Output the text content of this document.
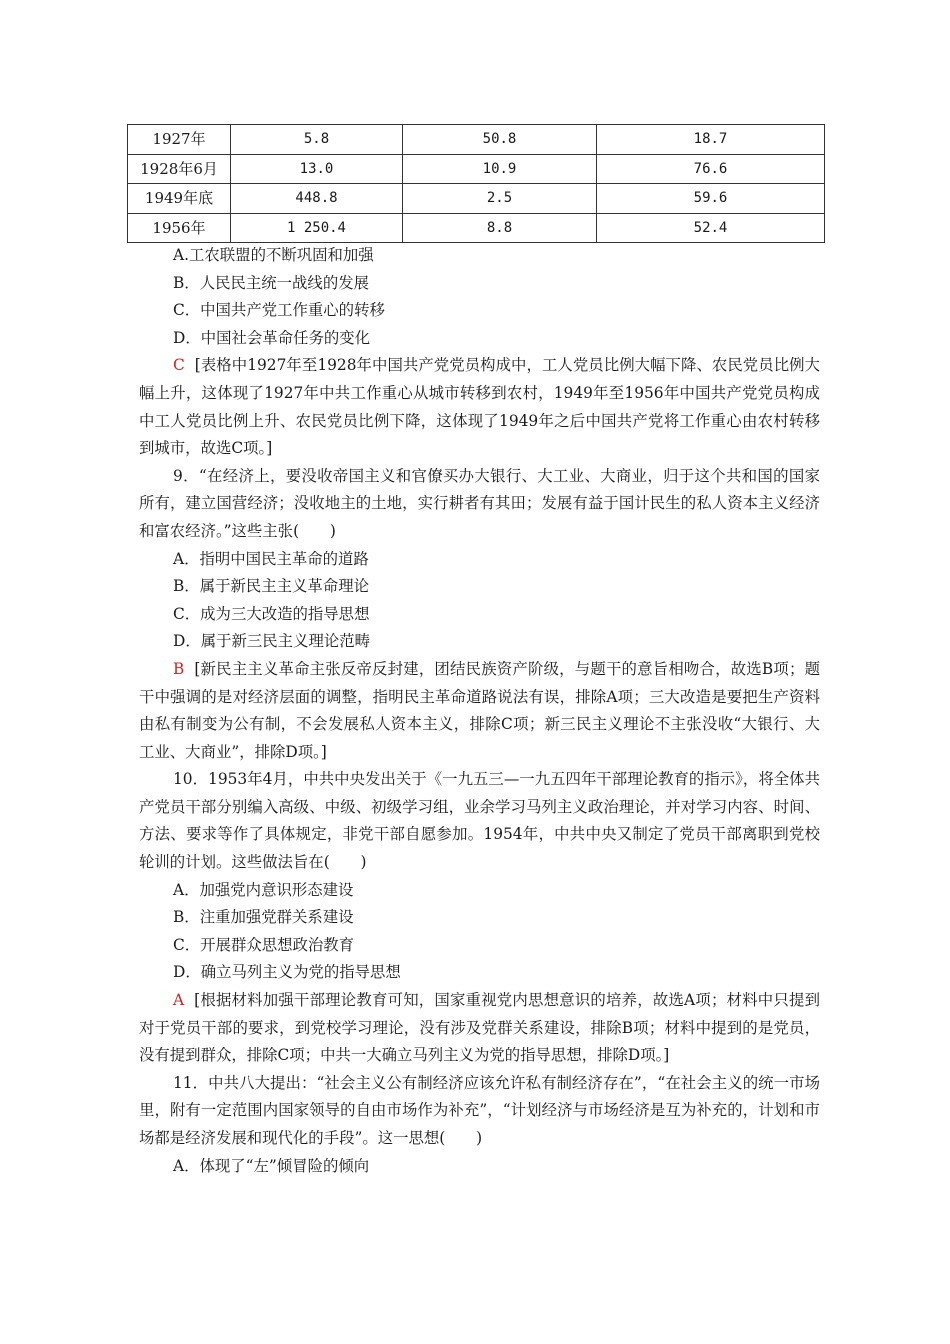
1927年	5.8	50.8	18.7
1928年6月	13.0	10.9	76.6
1949年底	448.8	2.5	59.6
1956年	1 250.4	8.8	52.4
A.工农联盟的不断巩固和加强
B．人民民主统一战线的发展
C．中国共产党工作重心的转移
D．中国社会革命任务的变化
C [表格中1927年至1928年中国共产党党员构成中，工人党员比例大幅下降、农民党员比例大幅上升，这体现了1927年中共工作重心从城市转移到农村，1949年至1956年中国共产党党员构成中工人党员比例上升、农民党员比例下降，这体现了1949年之后中国共产党将工作重心由农村转移到城市，故选C项。]
9．“在经济上，要没收帝国主义和官僚买办大银行、大工业、大商业，归于这个共和国的国家所有，建立国营经济；没收地主的土地，实行耕者有其田；发展有益于国计民生的私人资本主义经济和富农经济。”这些主张(　　)
A．指明中国民主革命的道路
B．属于新民主主义革命理论
C．成为三大改造的指导思想
D．属于新三民主义理论范畴
B [新民主主义革命主张反帝反封建，团结民族资产阶级，与题干的意旨相吻合，故选B项；题干中强调的是对经济层面的调整，指明民主革命道路说法有误，排除A项；三大改造是要把生产资料由私有制变为公有制，不会发展私人资本主义，排除C项；新三民主义理论不主张没收“大银行、大工业、大商业”，排除D项。]
10．1953年4月，中共中央发出关于《一九五三—一九五四年干部理论教育的指示》，将全体共产党员干部分别编入高级、中级、初级学习组，业余学习马列主义政治理论，并对学习内容、时间、方法、要求等作了具体规定，非党干部自愿参加。1954年，中共中央又制定了党员干部离职到党校轮训的计划。这些做法旨在(　　)
A．加强党内意识形态建设
B．注重加强党群关系建设
C．开展群众思想政治教育
D．确立马列主义为党的指导思想
A [根据材料加强干部理论教育可知，国家重视党内思想意识的培养，故选A项；材料中只提到对于党员干部的要求，到党校学习理论，没有涉及党群关系建设，排除B项；材料中提到的是党员，没有提到群众，排除C项；中共一大确立马列主义为党的指导思想，排除D项。]
11．中共八大提出：“社会主义公有制经济应该允许私有制经济存在”，“在社会主义的统一市场里，附有一定范围内国家领导的自由市场作为补充”，“计划经济与市场经济是互为补充的，计划和市场都是经济发展和现代化的手段”。这一思想(　　)
A．体现了“左”倾冒险的倾向
